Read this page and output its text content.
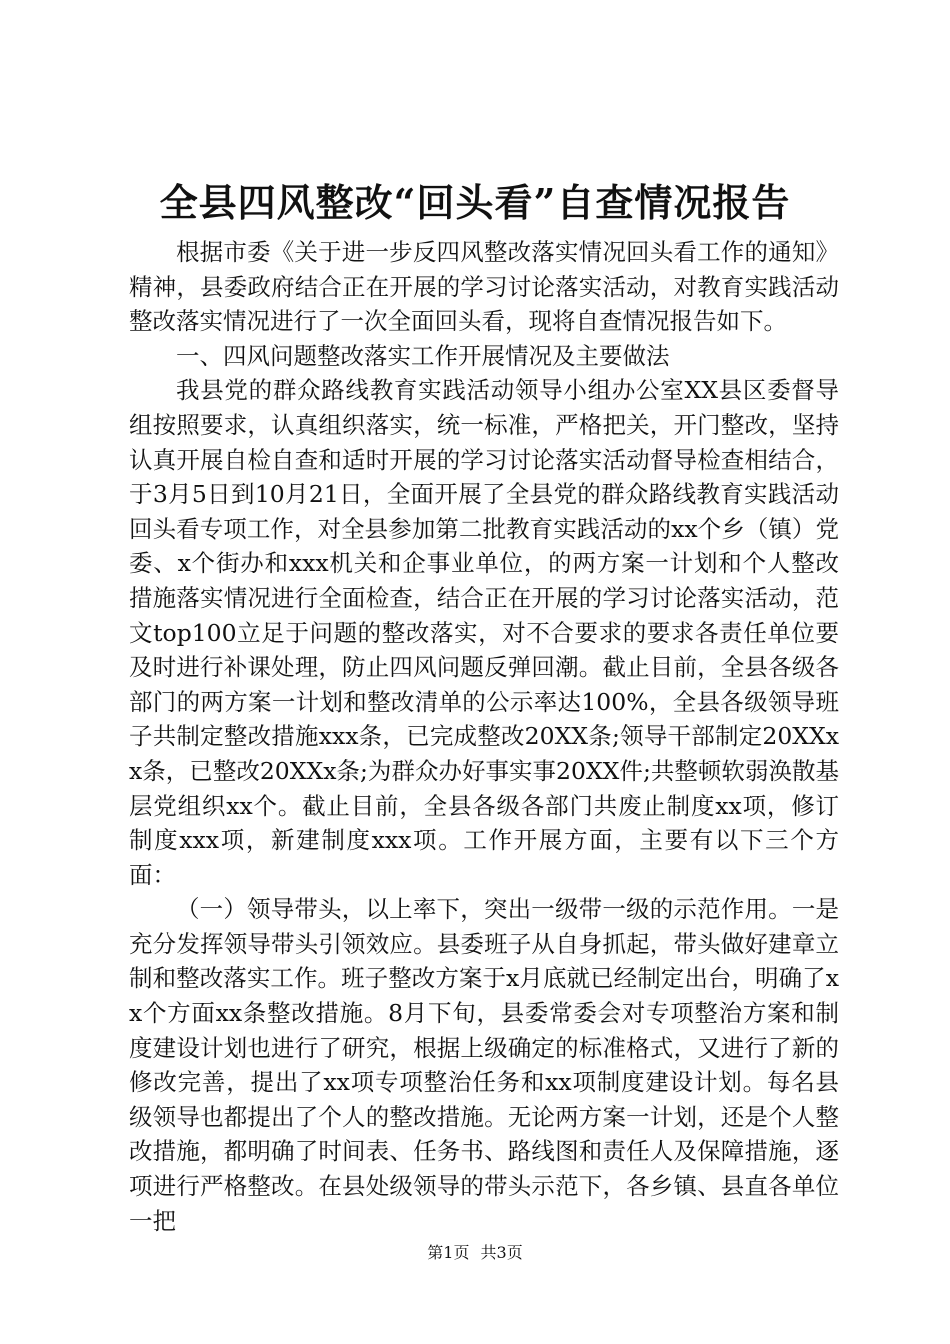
全县四风整改“回头看”自查情况报告

根据市委《关于进一步反四风整改落实情况回头看工作的通知》精神，县委政府结合正在开展的学习讨论落实活动，对教育实践活动整改落实情况进行了一次全面回头看，现将自查情况报告如下。

一、四风问题整改落实工作开展情况及主要做法

我县党的群众路线教育实践活动领导小组办公室XX县区委督导组按照要求，认真组织落实，统一标准，严格把关，开门整改，坚持认真开展自检自查和适时开展的学习讨论落实活动督导检查相结合，于3月5日到10月21日，全面开展了全县党的群众路线教育实践活动回头看专项工作，对全县参加第二批教育实践活动的xx个乡（镇）党委、x个街办和xxx机关和企事业单位，的两方案一计划和个人整改措施落实情况进行全面检查，结合正在开展的学习讨论落实活动，范文top100立足于问题的整改落实，对不合要求的要求各责任单位要及时进行补课处理，防止四风问题反弹回潮。截止目前，全县各级各部门的两方案一计划和整改清单的公示率达100%，全县各级领导班子共制定整改措施xxx条，已完成整改20XX条;领导干部制定20XXxx条，已整改20XXx条;为群众办好事实事20XX件;共整顿软弱涣散基层党组织xx个。截止目前，全县各级各部门共废止制度xx项，修订制度xxx项，新建制度xxx项。工作开展方面，主要有以下三个方面：

（一）领导带头，以上率下，突出一级带一级的示范作用。一是充分发挥领导带头引领效应。县委班子从自身抓起，带头做好建章立制和整改落实工作。班子整改方案于x月底就已经制定出台，明确了xx个方面xx条整改措施。8月下旬，县委常委会对专项整治方案和制度建设计划也进行了研究，根据上级确定的标准格式，又进行了新的修改完善，提出了xx项专项整治任务和xx项制度建设计划。每名县级领导也都提出了个人的整改措施。无论两方案一计划，还是个人整改措施，都明确了时间表、任务书、路线图和责任人及保障措施，逐项进行严格整改。在县处级领导的带头示范下，各乡镇、县直各单位一把

第1页 共3页
